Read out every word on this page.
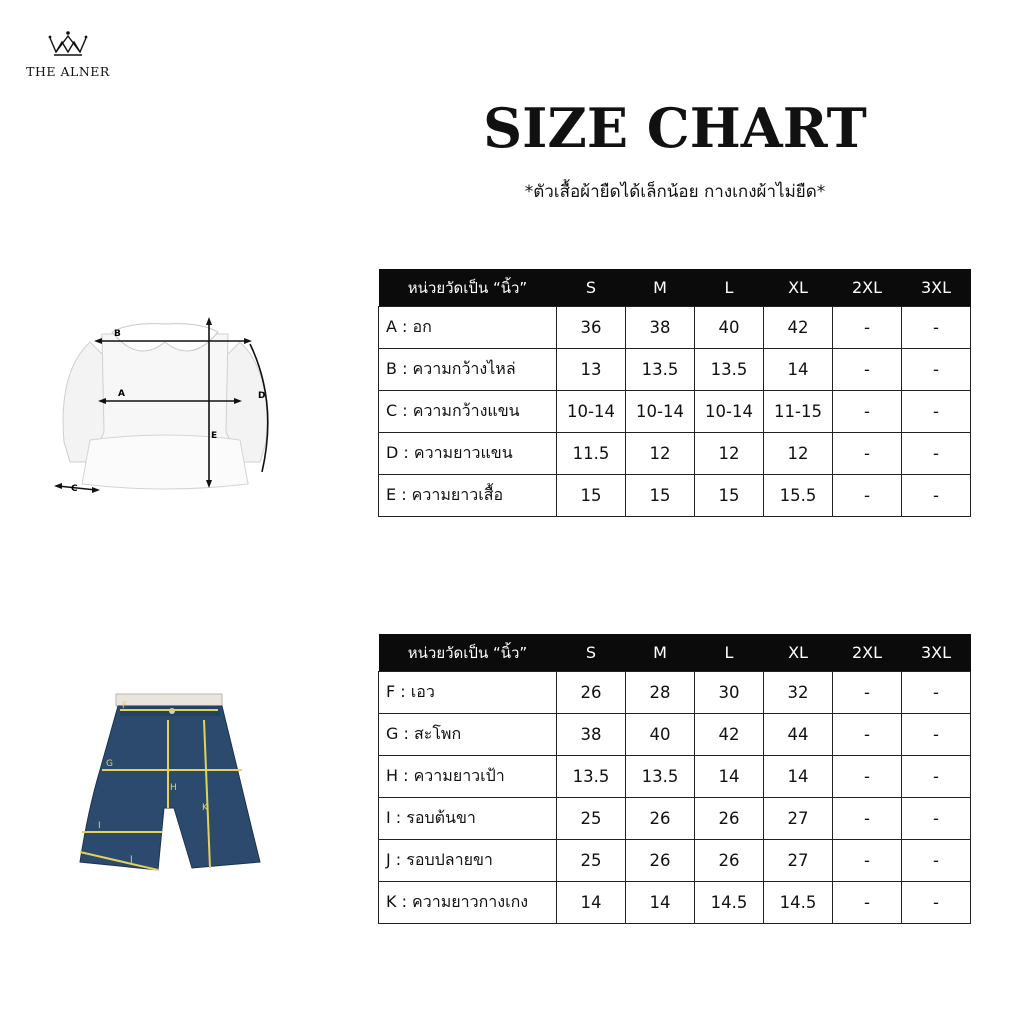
THE ALNER
SIZE CHART
*ตัวเสื้อผ้ายืดได้เล็กน้อย กางเกงผ้าไม่ยืด*
B
A	D
E
C
F
G
H
K
I
J
หน่วยวัดเป็น “นิ้ว”	S	M	L	XL	2XL	3XL
A : อก	36	38	40	42	-	-
B : ความกว้างไหล่	13	13.5	13.5	14	-	-
C : ความกว้างแขน	10-14	10-14	10-14	11-15	-	-
D : ความยาวแขน	11.5	12	12	12	-	-
E : ความยาวเสื้อ	15	15	15	15.5	-	-
หน่วยวัดเป็น “นิ้ว”	S	M	L	XL	2XL	3XL
F : เอว	26	28	30	32	-	-
G : สะโพก	38	40	42	44	-	-
H : ความยาวเป้า	13.5	13.5	14	14	-	-
I : รอบต้นขา	25	26	26	27	-	-
J : รอบปลายขา	25	26	26	27	-	-
K : ความยาวกางเกง	14	14	14.5	14.5	-	-
